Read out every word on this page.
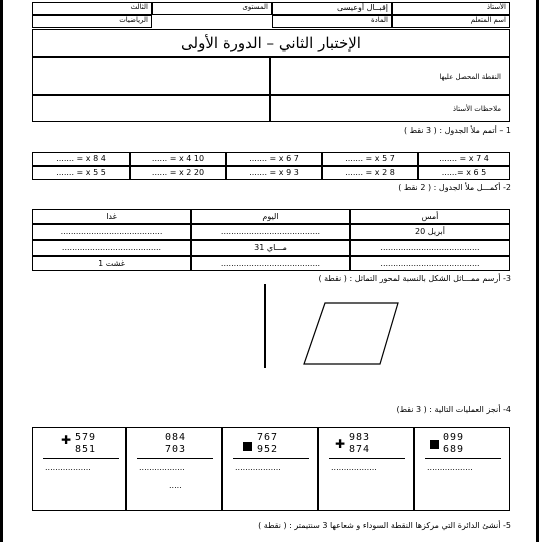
الأستاذ
اسم المتعلم
إقبــال أوعيسى
المادة
المستوى
الثالث
الرياضيات
الإختبار الثاني – الدورة الأولى
النقطة المحصل عليها
ملاحظات الأستاذ
1 – أتمم ملأ الجدول : ( 3 نقط )
....... = x 7 4
....... = x 5 7
....... = x 6 7
...... = x 4 10
....... = x 8 4
......= x 6 5
....... = x 2 8
....... = x 9 3
...... = x 2 20
....... = x 5 5
2- أكمـــل ملأ الجدول : ( 2 نقط )
أمس
اليوم
غدا
20 أبريل
.......................................
........................................
.......................................
31 مـــاي
.......................................
.......................................
.......................................
1 غشت
3- أرسم ممـــاثل الشكل بالنسبة لمحور التماثل : ( نقطة )
4- أنجز العمليات التالية : ( 3 نقط)
099
689
..................
✚ 983
874
..................
767
952
..................
084
703
..................
.....
✚ 579
851
..................
5- أنشئ الدائرة التي مركزها النقطة السوداء و شعاعها 3 سنتيمتر : ( نقطة )
